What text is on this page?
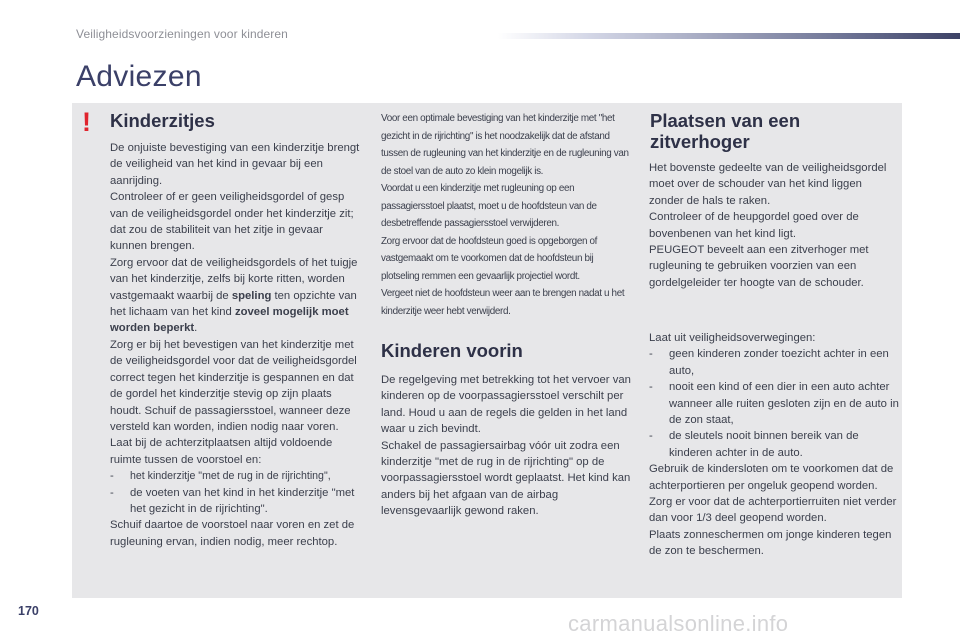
Veiligheidsvoorzieningen voor kinderen
Adviezen
! Kinderzitjes

De onjuiste bevestiging van een kinderzitje brengt de veiligheid van het kind in gevaar bij een aanrijding.

Controleer of er geen veiligheidsgordel of gesp van de veiligheidsgordel onder het kinderzitje zit; dat zou de stabiliteit van het zitje in gevaar kunnen brengen.

Zorg ervoor dat de veiligheidsgordels of het tuigje van het kinderzitje, zelfs bij korte ritten, worden vastgemaakt waarbij de speling ten opzichte van het lichaam van het kind zoveel mogelijk moet worden beperkt.

Zorg er bij het bevestigen van het kinderzitje met de veiligheidsgordel voor dat de veiligheidsgordel correct tegen het kinderzitje is gespannen en dat de gordel het kinderzitje stevig op zijn plaats houdt. Schuif de passagiersstoel, wanneer deze versteld kan worden, indien nodig naar voren.

Laat bij de achterzitplaatsen altijd voldoende ruimte tussen de voorstoel en:

-	het kinderzitje "met de rug in de rijrichting",
-	de voeten van het kind in het kinderzitje "met het gezicht in de rijrichting".

Schuif daartoe de voorstoel naar voren en zet de rugleuning ervan, indien nodig, meer rechtop.

Voor een optimale bevestiging van het kinderzitje met "het gezicht in de rijrichting" is het noodzakelijk dat de afstand tussen de rugleuning van het kinderzitje en de rugleuning van de stoel van de auto zo klein mogelijk is.

Voordat u een kinderzitje met rugleuning op een passagiersstoel plaatst, moet u de hoofdsteun van de desbetreffende passagiersstoel verwijderen.

Zorg ervoor dat de hoofdsteun goed is opgeborgen of vastgemaakt om te voorkomen dat de hoofdsteun bij plotseling remmen een gevaarlijk projectiel wordt.

Vergeet niet de hoofdsteun weer aan te brengen nadat u het kinderzitje weer hebt verwijderd.

Kinderen voorin

De regelgeving met betrekking tot het vervoer van kinderen op de voorpassagiersstoel verschilt per land. Houd u aan de regels die gelden in het land waar u zich bevindt.

Schakel de passagiersairbag vóór uit zodra een kinderzitje "met de rug in de rijrichting" op de voorpassagiersstoel wordt geplaatst. Het kind kan anders bij het afgaan van de airbag levensgevaarlijk gewond raken.

Plaatsen van een zitverhoger

Het bovenste gedeelte van de veiligheidsgordel moet over de schouder van het kind liggen zonder de hals te raken.

Controleer of de heupgordel goed over de bovenbenen van het kind ligt.

PEUGEOT beveelt aan een zitverhoger met rugleuning te gebruiken voorzien van een gordelgeleider ter hoogte van de schouder.

Laat uit veiligheidsoverwegingen:

-	geen kinderen zonder toezicht achter in een auto,
-	nooit een kind of een dier in een auto achter wanneer alle ruiten gesloten zijn en de auto in de zon staat,
-	de sleutels nooit binnen bereik van de kinderen achter in de auto.

Gebruik de kindersloten om te voorkomen dat de achterportieren per ongeluk geopend worden.

Zorg er voor dat de achterportierruiten niet verder dan voor 1/3 deel geopend worden.

Plaats zonneschermen om jonge kinderen tegen de zon te beschermen.

170	carmanualsonline.info
